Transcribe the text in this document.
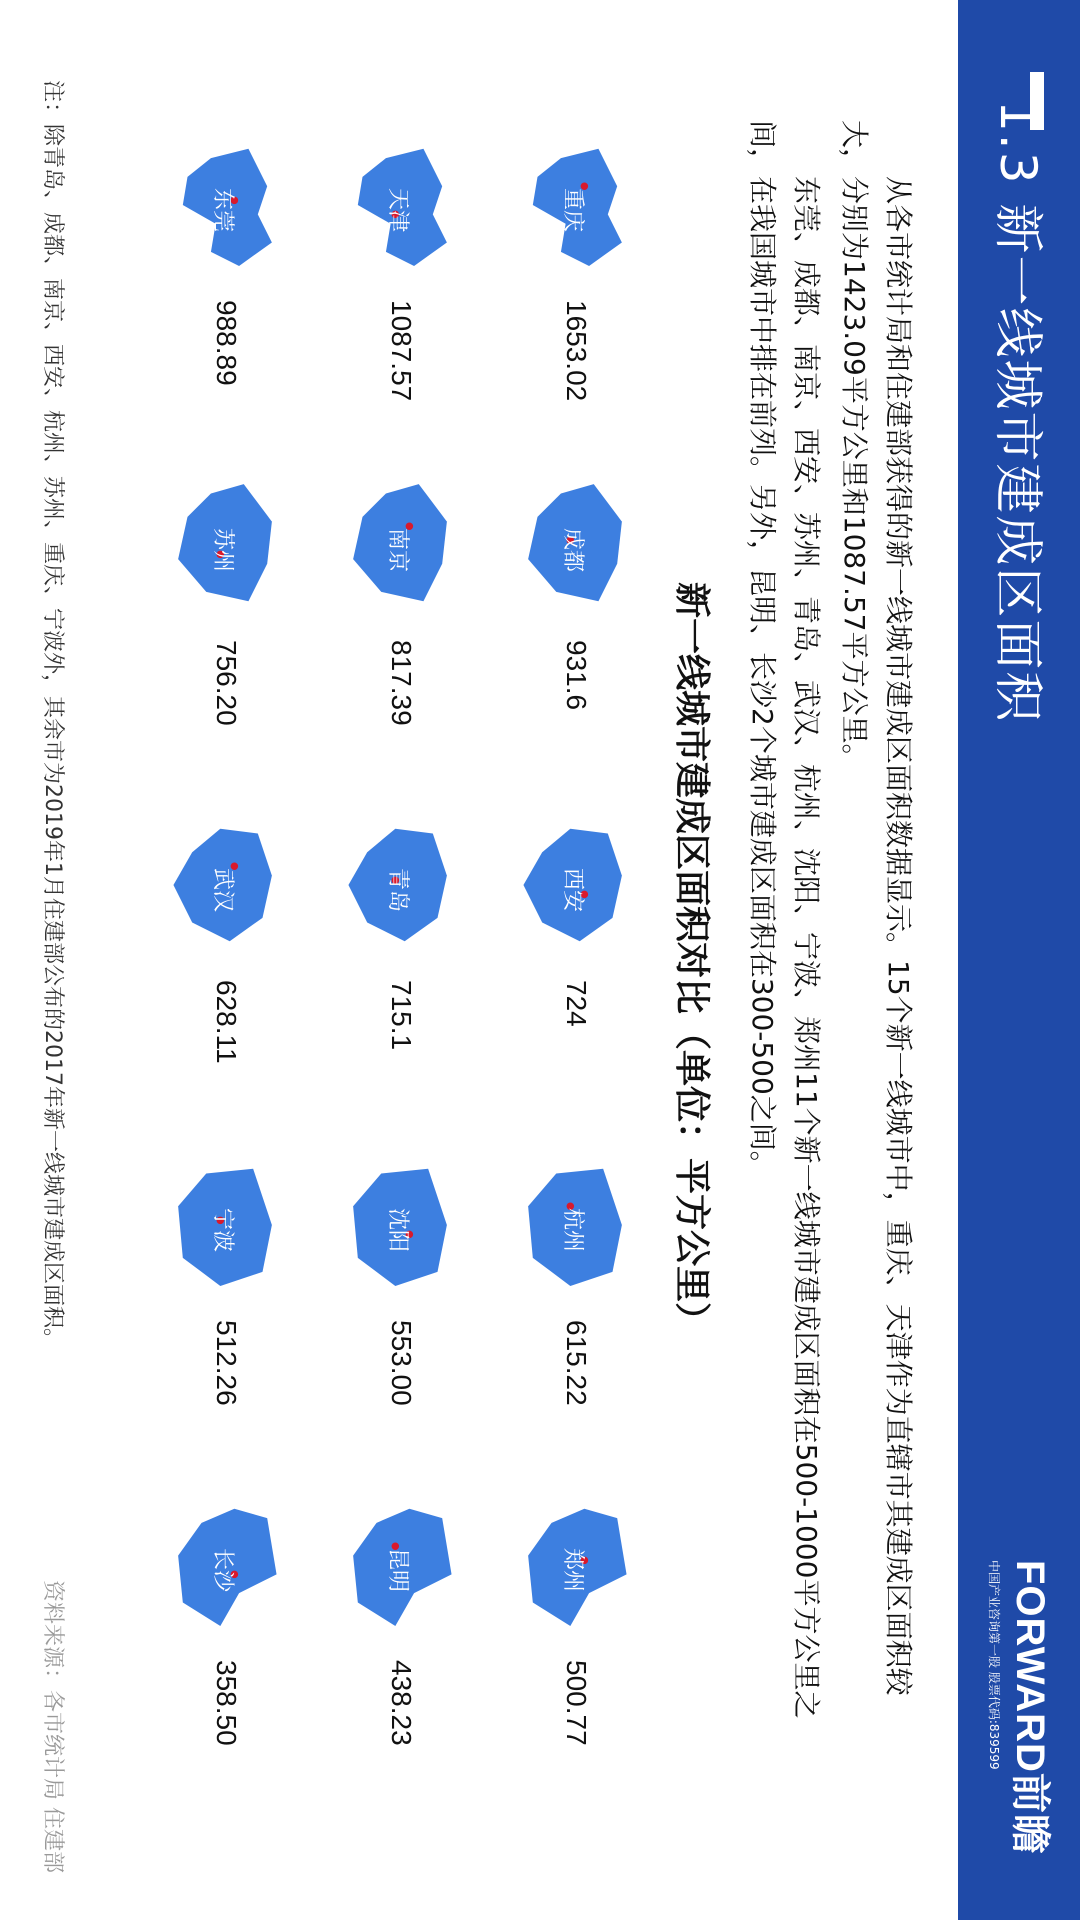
1.3 新一线城市建成区面积
FORWARD前瞻
中国产业咨询第一股 股票代码:839599

从各市统计局和住建部获得的新一线城市建成区面积数据显示。15个新一线城市中，重庆、天津作为直辖市其建成区面积较大，分别为1423.09平方公里和1087.57平方公里。

东莞、成都、南京、西安、苏州、青岛、武汉、杭州、沈阳、宁波、郑州11个新一线城市建成区面积在500-1000平方公里之间，在我国城市中排在前列。另外，昆明、长沙2个城市建成区面积在300-500之间。

新一线城市建成区面积对比（单位：平方公里）
重庆
1653.02
成都
931.6
西安
724
杭州
615.22
郑州
500.77
天津
1087.57
南京
817.39
青岛
715.1
沈阳
553.00
昆明
438.23
东莞
988.89
苏州
756.20
武汉
628.11
宁波
512.26
长沙
358.50
注：除青岛、成都、南京、西安、杭州、苏州、重庆、宁波外，其余市为2019年1月住建部公布的2017年新一线城市建成区面积。
资料来源：各市统计局 住建部
